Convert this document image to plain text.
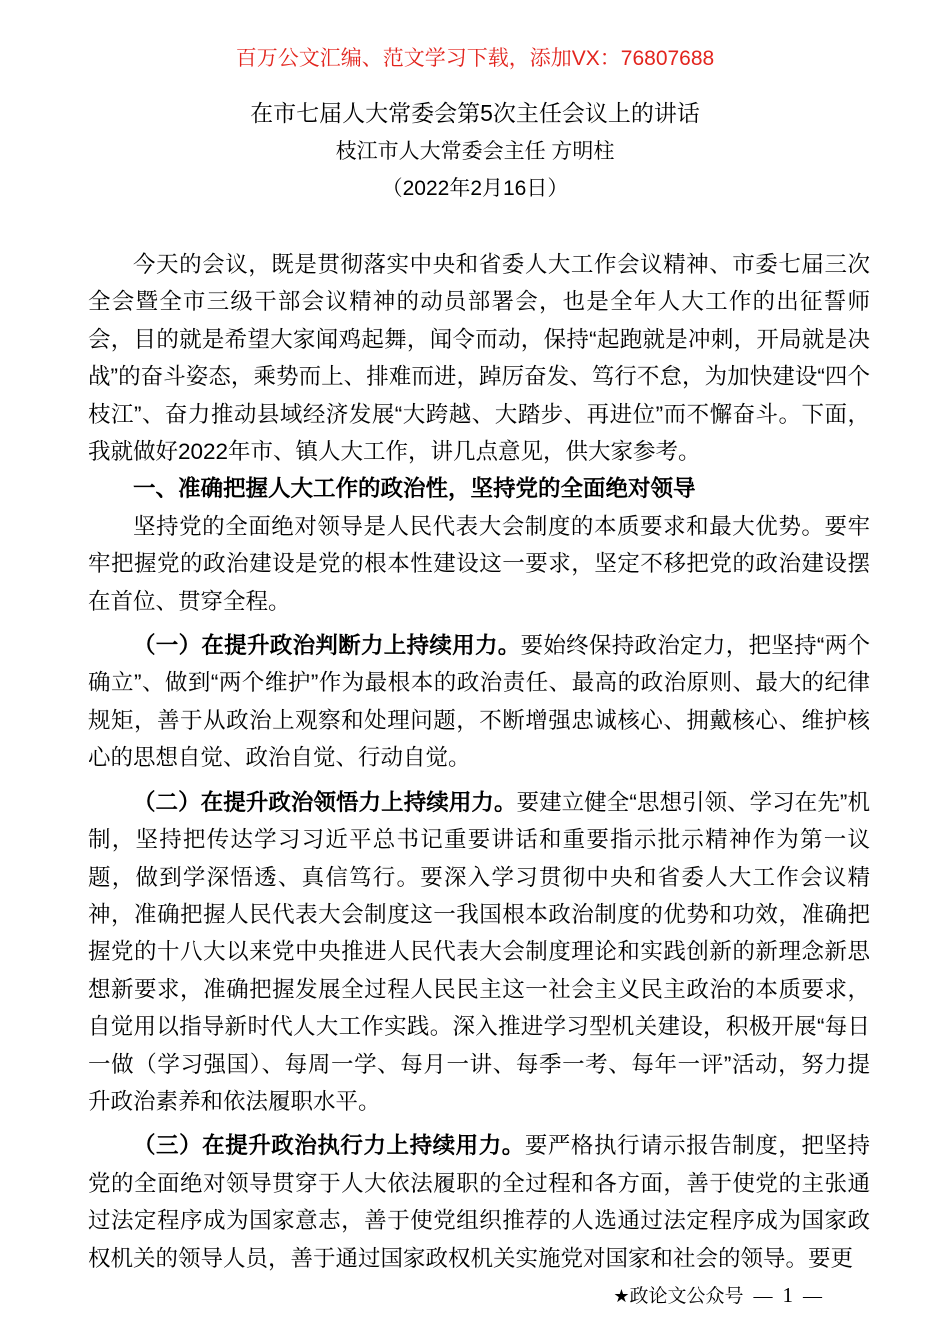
百万公文汇编、范文学习下载，添加VX：76807688
在市七届人大常委会第5次主任会议上的讲话
枝江市人大常委会主任 方明柱
（2022年2月16日）

今天的会议，既是贯彻落实中央和省委人大工作会议精神、市委七届三次全会暨全市三级干部会议精神的动员部署会，也是全年人大工作的出征誓师会，目的就是希望大家闻鸡起舞，闻令而动，保持“起跑就是冲刺，开局就是决战”的奋斗姿态，乘势而上、排难而进，踔厉奋发、笃行不怠，为加快建设“四个枝江”、奋力推动县域经济发展“大跨越、大踏步、再进位”而不懈奋斗。下面，我就做好2022年市、镇人大工作，讲几点意见，供大家参考。

一、准确把握人大工作的政治性，坚持党的全面绝对领导

坚持党的全面绝对领导是人民代表大会制度的本质要求和最大优势。要牢牢把握党的政治建设是党的根本性建设这一要求，坚定不移把党的政治建设摆在首位、贯穿全程。

（一）在提升政治判断力上持续用力。要始终保持政治定力，把坚持“两个确立”、做到“两个维护”作为最根本的政治责任、最高的政治原则、最大的纪律规矩，善于从政治上观察和处理问题，不断增强忠诚核心、拥戴核心、维护核心的思想自觉、政治自觉、行动自觉。

（二）在提升政治领悟力上持续用力。要建立健全“思想引领、学习在先”机制，坚持把传达学习习近平总书记重要讲话和重要指示批示精神作为第一议题，做到学深悟透、真信笃行。要深入学习贯彻中央和省委人大工作会议精神，准确把握人民代表大会制度这一我国根本政治制度的优势和功效，准确把握党的十八大以来党中央推进人民代表大会制度理论和实践创新的新理念新思想新要求，准确把握发展全过程人民民主这一社会主义民主政治的本质要求，自觉用以指导新时代人大工作实践。深入推进学习型机关建设，积极开展“每日一做（学习强国）、每周一学、每月一讲、每季一考、每年一评”活动，努力提升政治素养和依法履职水平。

（三）在提升政治执行力上持续用力。要严格执行请示报告制度，把坚持党的全面绝对领导贯穿于人大依法履职的全过程和各方面，善于使党的主张通过法定程序成为国家意志，善于使党组织推荐的人选通过法定程序成为国家政权机关的领导人员，善于通过国家政权机关实施党对国家和社会的领导。要更

★ 政论文公众号 — 1 —
